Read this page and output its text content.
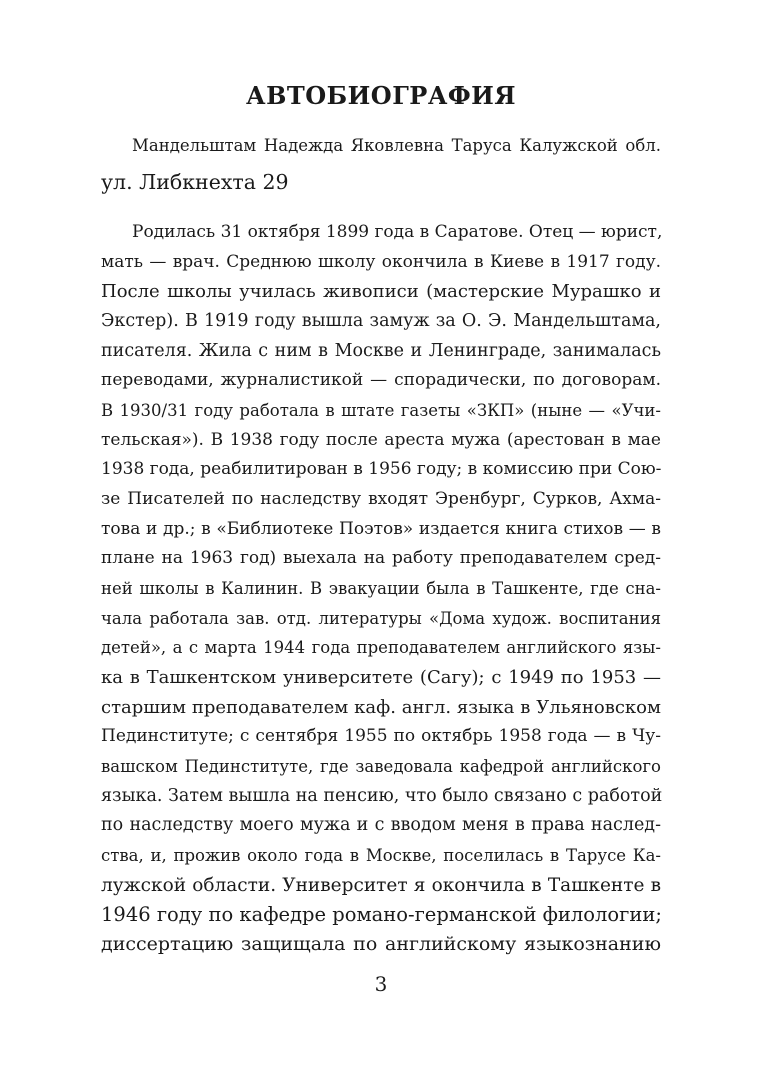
АВТОБИОГРАФИЯ

Мандельштам Надежда Яковлевна Таруса Калужской обл.

ул. Либкнехта 29

Родилась 31 октября 1899 года в Саратове. Отец — юрист,

мать — врач. Среднюю школу окончила в Киеве в 1917 году.

После школы училась живописи (мастерские Мурашко и

Экстер). В 1919 году вышла замуж за О. Э. Мандельштама,

писателя. Жила с ним в Москве и Ленинграде, занималась

переводами, журналистикой — спорадически, по договорам.

В 1930/31 году работала в штате газеты «ЗКП» (ныне — «Учи-

тельская»). В 1938 году после ареста мужа (арестован в мае

1938 года, реабилитирован в 1956 году; в комиссию при Сою-

зе Писателей по наследству входят Эренбург, Сурков, Ахма-

това и др.; в «Библиотеке Поэтов» издается книга стихов — в

плане на 1963 год) выехала на работу преподавателем сред-

ней школы в Калинин. В эвакуации была в Ташкенте, где сна-

чала работала зав. отд. литературы «Дома худож. воспитания

детей», а с марта 1944 года преподавателем английского язы-

ка в Ташкентском университете (Сагу); с 1949 по 1953 —

старшим преподавателем каф. англ. языка в Ульяновском

Пединституте; с сентября 1955 по октябрь 1958 года — в Чу-

вашском Пединституте, где заведовала кафедрой английского

языка. Затем вышла на пенсию, что было связано с работой

по наследству моего мужа и с вводом меня в права наслед-

ства, и, прожив около года в Москве, поселилась в Тарусе Ка-

лужской области. Университет я окончила в Ташкенте в

1946 году по кафедре романо-германской филологии;

диссертацию защищала по английскому языкознанию

3
